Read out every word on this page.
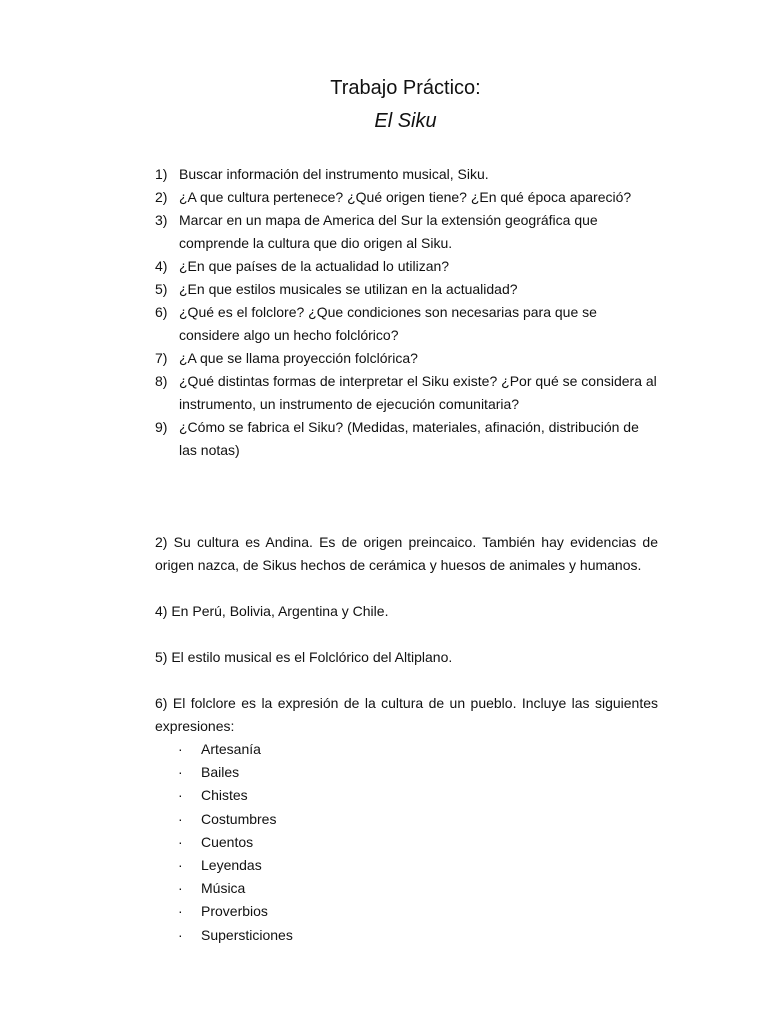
Trabajo Práctico:
El Siku
1) Buscar información del instrumento musical, Siku.
2) ¿A que cultura pertenece? ¿Qué origen tiene? ¿En qué época apareció?
3) Marcar en un mapa de America del Sur la extensión geográfica que comprende la cultura que dio origen al Siku.
4) ¿En que países de la actualidad lo utilizan?
5) ¿En que estilos musicales se utilizan en la actualidad?
6) ¿Qué es el folclore? ¿Que condiciones son necesarias para que se considere algo un hecho folclórico?
7) ¿A que se llama proyección folclórica?
8) ¿Qué distintas formas de interpretar el Siku existe? ¿Por qué se considera al instrumento, un instrumento de ejecución comunitaria?
9) ¿Cómo se fabrica el Siku? (Medidas, materiales, afinación, distribución de las notas)

2) Su cultura es Andina. Es de origen preincaico. También hay evidencias de origen nazca, de Sikus hechos de cerámica y huesos de animales y humanos.

4) En Perú, Bolivia, Argentina y Chile.

5) El estilo musical es el Folclórico del Altiplano.

6) El folclore es la expresión de la cultura de un pueblo. Incluye las siguientes expresiones:

·	Artesanía
·	Bailes
·	Chistes
·	Costumbres
·	Cuentos
·	Leyendas
·	Música
·	Proverbios
·	Supersticiones
